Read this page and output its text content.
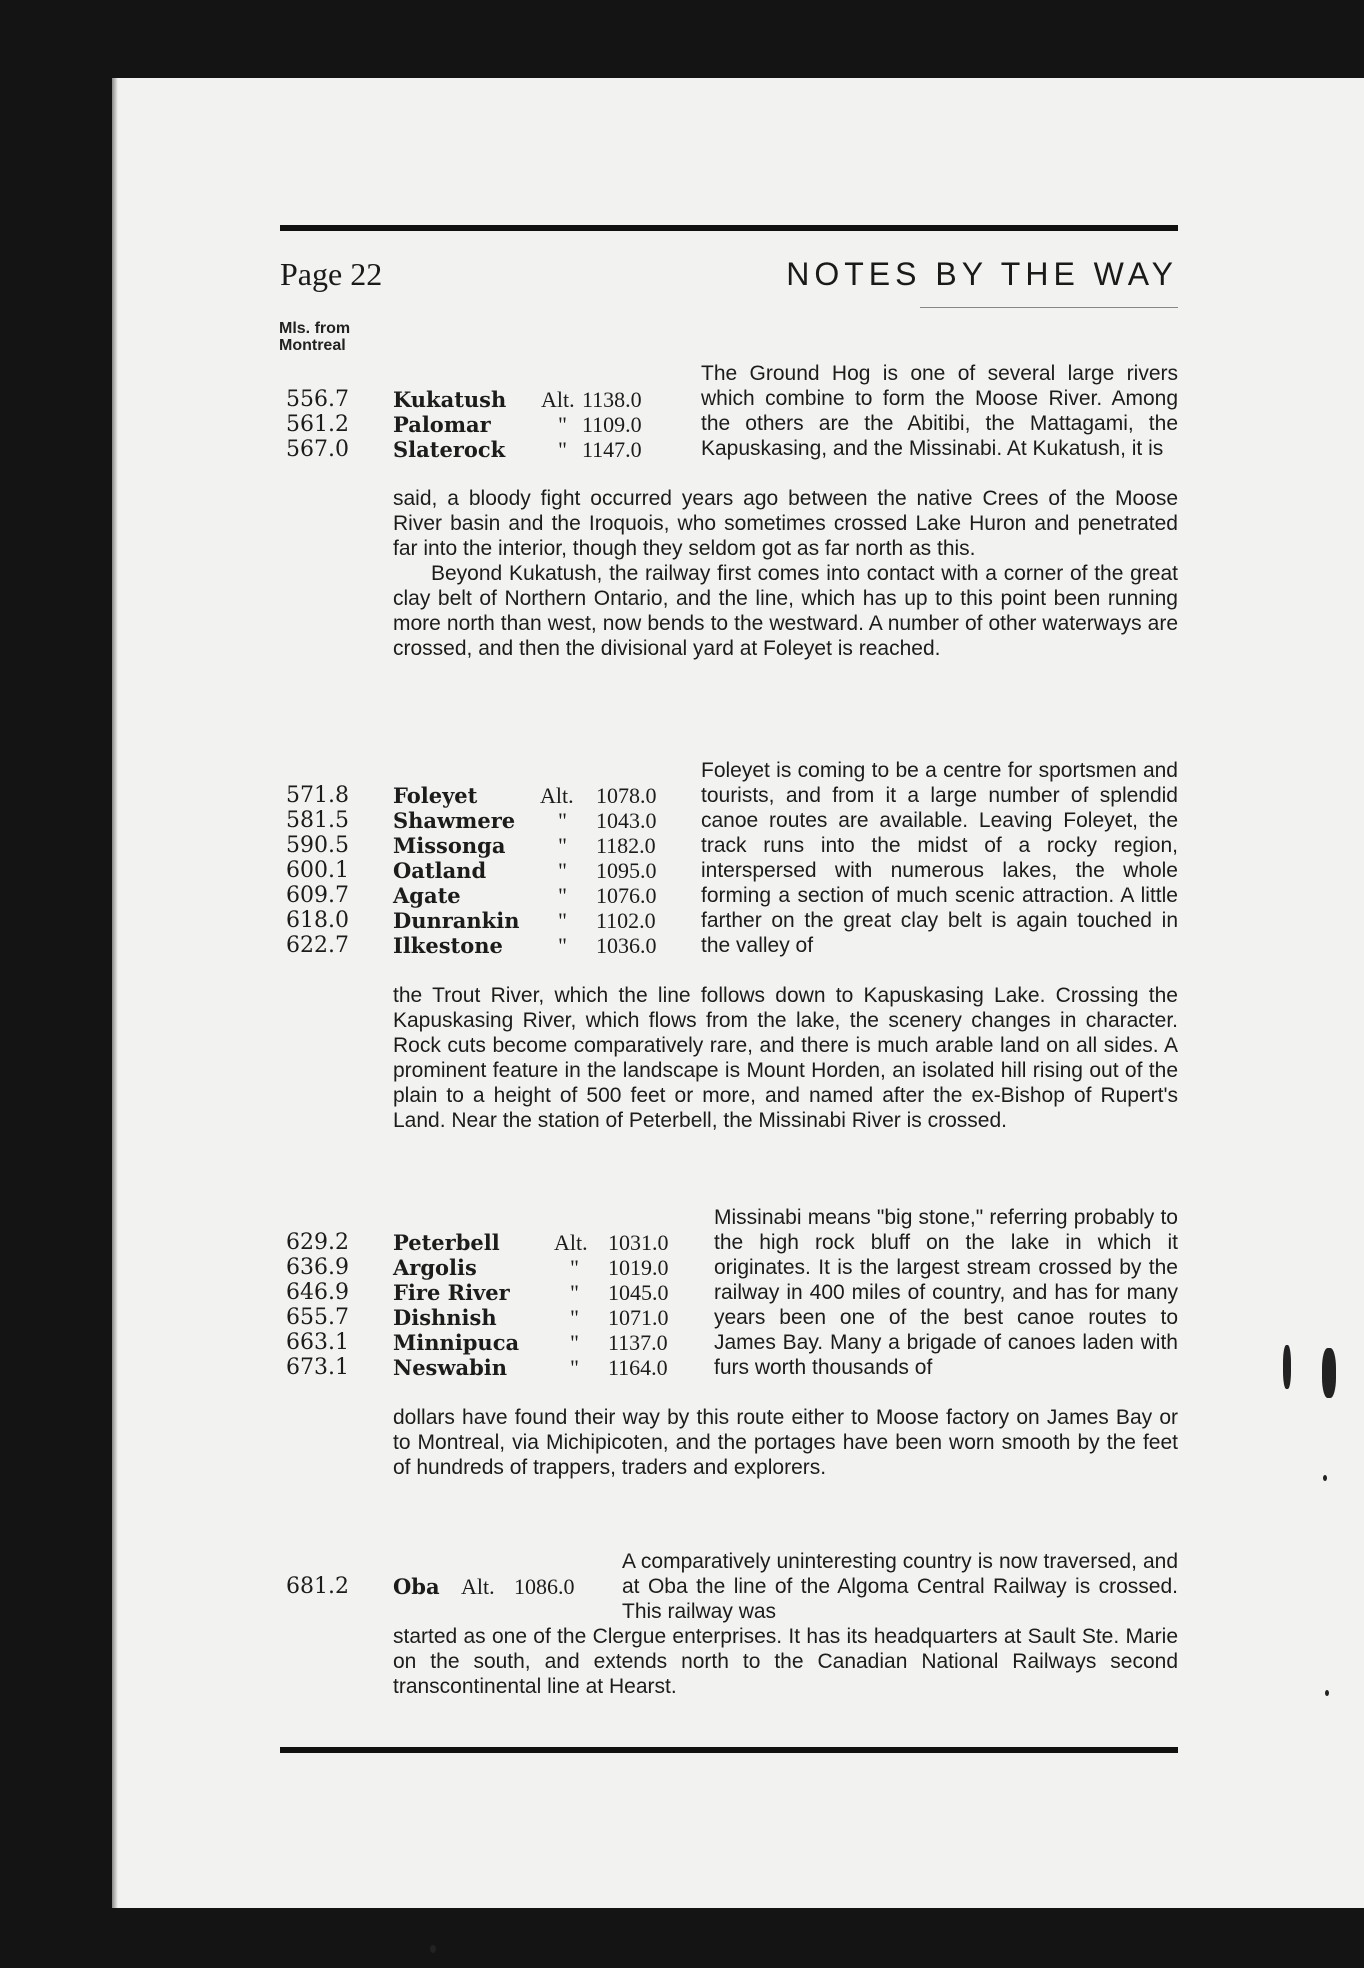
Page 22	NOTES BY THE WAY
Mls. from
Montreal

The Ground Hog is one of several large rivers which combine to form the Moose River. Among the others are the Abitibi, the Mattagami, the Kapuskasing, and the Missinabi. At Kukatush, it is

556.7 Kukatush Alt. 1138.0
561.2 Palomar	" 1109.0
567.0 Slaterock " 1147.0

said, a bloody fight occurred years ago between the native Crees of the Moose River basin and the Iroquois, who sometimes crossed Lake Huron and penetrated far into the interior, though they seldom got as far north as this.

Beyond Kukatush, the railway first comes into contact with a corner of the great clay belt of Northern Ontario, and the line, which has up to this point been running more north than west, now bends to the westward. A number of other waterways are crossed, and then the divisional yard at Foleyet is reached.

Foleyet is coming to be a centre for sportsmen and tourists, and from it a large number of splendid canoe routes are available. Leaving Foleyet, the track runs into the midst of a rocky region, interspersed with numerous lakes, the whole forming a section of much scenic attraction. A little farther on the great clay belt is again touched in the valley of

571.8 Foleyet	Alt. 1078.0
581.5 Shawmere " 1043.0
590.5 Missonga " 1182.0
600.1 Oatland	" 1095.0
609.7 Agate	" 1076.0
618.0 Dunrankin " 1102.0
622.7 Ilkestone	" 1036.0

the Trout River, which the line follows down to Kapuskasing Lake. Crossing the Kapuskasing River, which flows from the lake, the scenery changes in character. Rock cuts become comparatively rare, and there is much arable land on all sides. A prominent feature in the landscape is Mount Horden, an isolated hill rising out of the plain to a height of 500 feet or more, and named after the ex-Bishop of Rupert's Land. Near the station of Peterbell, the Missinabi River is crossed.

Missinabi means "big stone," referring probably to the high rock bluff on the lake in which it originates. It is the largest stream crossed by the railway in 400 miles of country, and has for many years been one of the best canoe routes to James Bay. Many a brigade of canoes laden with furs worth thousands of

629.2 Peterbell Alt. 1031.0
636.9 Argolis	" 1019.0
646.9 Fire River	" 1045.0
655.7 Dishnish	" 1071.0
663.1 Minnipuca " 1137.0
673.1 Neswabin	" 1164.0

dollars have found their way by this route either to Moose factory on James Bay or to Montreal, via Michipicoten, and the portages have been worn smooth by the feet of hundreds of trappers, traders and explorers.

A comparatively uninteresting country is now traversed, and at Oba the line of the Algoma Central Railway is crossed. This railway was

681.2 Oba Alt. 1086.0

started as one of the Clergue enterprises. It has its headquarters at Sault Ste. Marie on the south, and extends north to the Canadian National Railways second transcontinental line at Hearst.
